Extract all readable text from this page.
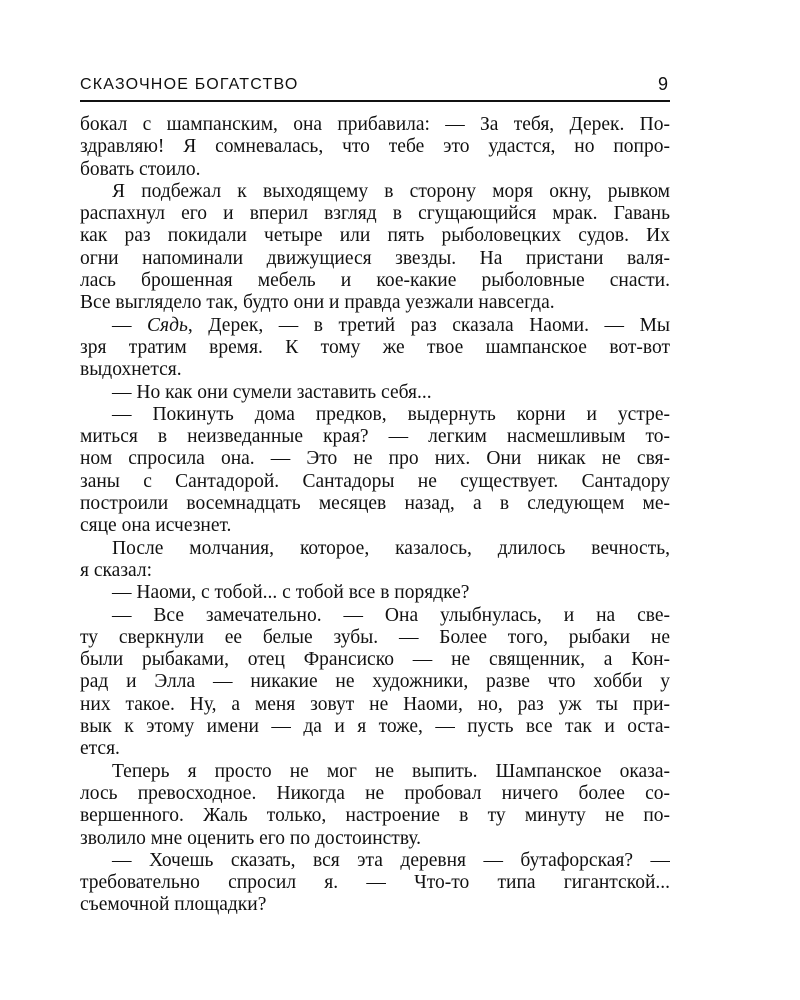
СКАЗОЧНОЕ БОГАТСТВО	9
бокал с шампанским, она прибавила: — За тебя, Дерек. По-
здравляю! Я сомневалась, что тебе это удастся, но попро-
бовать стоило.
Я подбежал к выходящему в сторону моря окну, рывком
распахнул его и вперил взгляд в сгущающийся мрак. Гавань
как раз покидали четыре или пять рыболовецких судов. Их
огни напоминали движущиеся звезды. На пристани валя-
лась брошенная мебель и кое-какие рыболовные снасти.
Все выглядело так, будто они и правда уезжали навсегда.
— Сядь, Дерек, — в третий раз сказала Наоми. — Мы
зря тратим время. К тому же твое шампанское вот-вот
выдохнется.
— Но как они сумели заставить себя...
— Покинуть дома предков, выдернуть корни и устре-
миться в неизведанные края? — легким насмешливым то-
ном спросила она. — Это не про них. Они никак не свя-
заны с Сантадорой. Сантадоры не существует. Сантадору
построили восемнадцать месяцев назад, а в следующем ме-
сяце она исчезнет.
После молчания, которое, казалось, длилось вечность,
я сказал:
— Наоми, с тобой... с тобой все в порядке?
— Все замечательно. — Она улыбнулась, и на све-
ту сверкнули ее белые зубы. — Более того, рыбаки не
были рыбаками, отец Франсиско — не священник, а Кон-
рад и Элла — никакие не художники, разве что хобби у
них такое. Ну, а меня зовут не Наоми, но, раз уж ты при-
вык к этому имени — да и я тоже, — пусть все так и оста-
ется.
Теперь я просто не мог не выпить. Шампанское оказа-
лось превосходное. Никогда не пробовал ничего более со-
вершенного. Жаль только, настроение в ту минуту не по-
зволило мне оценить его по достоинству.
— Хочешь сказать, вся эта деревня — бутафорская? —
требовательно спросил я. — Что-то типа гигантской...
съемочной площадки?
